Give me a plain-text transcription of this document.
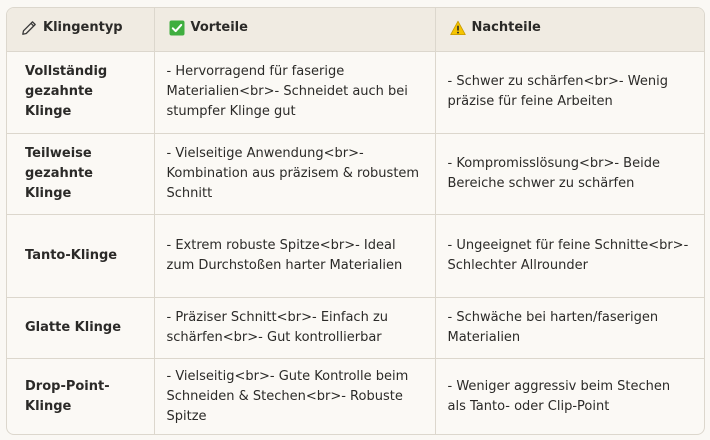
Klingentyp	Vorteile	Nachteile

Vollständig gezahnte Klinge	- Hervorragend für faserige Materialien<br>- Schneidet auch bei stumpfer Klinge gut	- Schwer zu schärfen<br>- Wenig präzise für feine Arbeiten
Teilweise gezahnte Klinge	- Vielseitige Anwendung<br>- Kombination aus präzisem & robustem Schnitt	- Kompromisslösung<br>- Beide Bereiche schwer zu schärfen
Tanto-Klinge	- Extrem robuste Spitze<br>- Ideal zum Durchstoßen harter Materialien	- Ungeeignet für feine Schnitte<br>- Schlechter Allrounder
Glatte Klinge	- Präziser Schnitt<br>- Einfach zu schärfen<br>- Gut kontrollierbar	- Schwäche bei harten/faserigen Materialien
Drop-Point-Klinge	- Vielseitig<br>- Gute Kontrolle beim Schneiden & Stechen<br>- Robuste Spitze	- Weniger aggressiv beim Stechen als Tanto- oder Clip-Point
